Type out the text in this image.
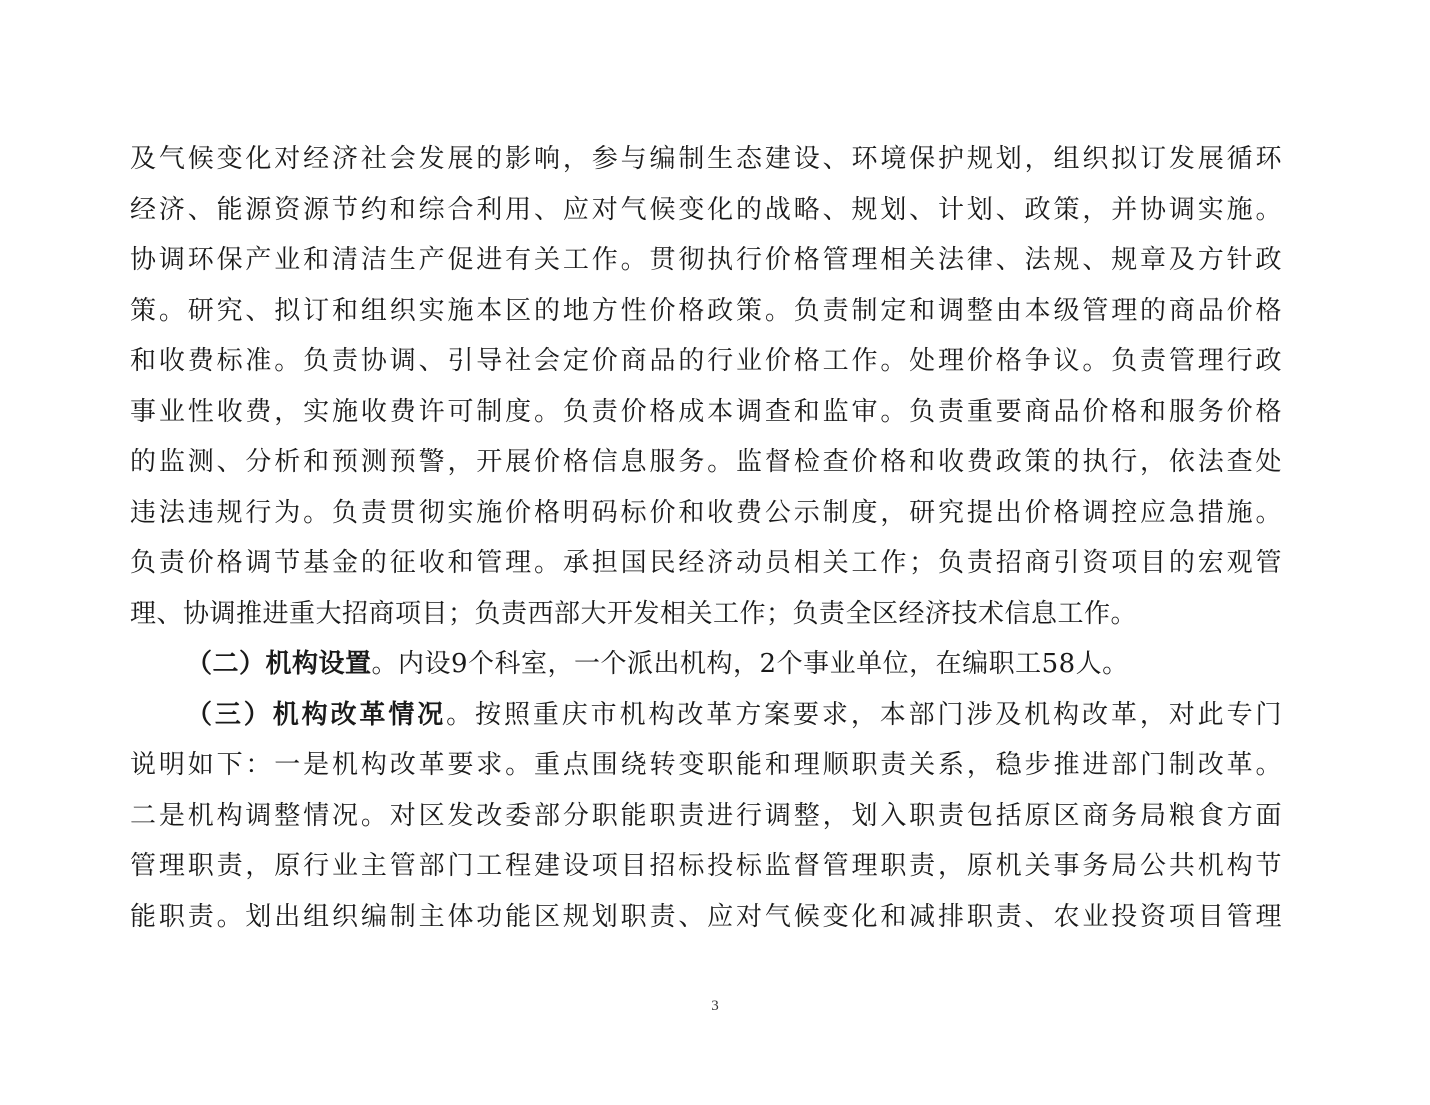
及气候变化对经济社会发展的影响，参与编制生态建设、环境保护规划，组织拟订发展循环
经济、能源资源节约和综合利用、应对气候变化的战略、规划、计划、政策，并协调实施。
协调环保产业和清洁生产促进有关工作。贯彻执行价格管理相关法律、法规、规章及方针政
策。研究、拟订和组织实施本区的地方性价格政策。负责制定和调整由本级管理的商品价格
和收费标准。负责协调、引导社会定价商品的行业价格工作。处理价格争议。负责管理行政
事业性收费，实施收费许可制度。负责价格成本调查和监审。负责重要商品价格和服务价格
的监测、分析和预测预警，开展价格信息服务。监督检查价格和收费政策的执行，依法查处
违法违规行为。负责贯彻实施价格明码标价和收费公示制度，研究提出价格调控应急措施。
负责价格调节基金的征收和管理。承担国民经济动员相关工作；负责招商引资项目的宏观管
理、协调推进重大招商项目；负责西部大开发相关工作；负责全区经济技术信息工作。
（二）机构设置。内设9个科室，一个派出机构，2个事业单位，在编职工58人。
（三）机构改革情况。按照重庆市机构改革方案要求，本部门涉及机构改革，对此专门
说明如下：一是机构改革要求。重点围绕转变职能和理顺职责关系，稳步推进部门制改革。
二是机构调整情况。对区发改委部分职能职责进行调整，划入职责包括原区商务局粮食方面
管理职责，原行业主管部门工程建设项目招标投标监督管理职责，原机关事务局公共机构节
能职责。划出组织编制主体功能区规划职责、应对气候变化和减排职责、农业投资项目管理
3
